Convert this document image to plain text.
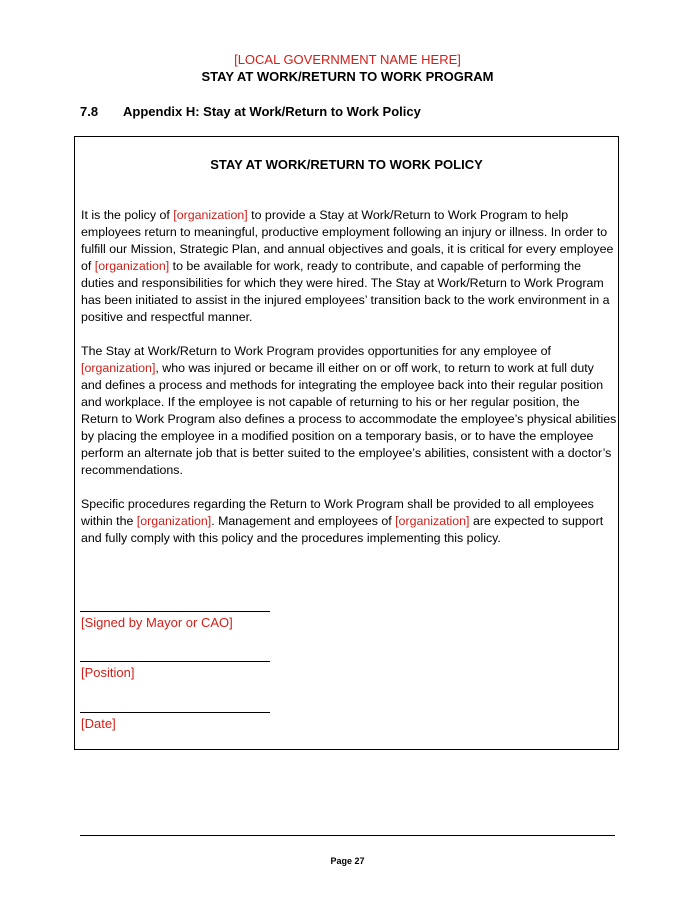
[LOCAL GOVERNMENT NAME HERE]
STAY AT WORK/RETURN TO WORK PROGRAM
7.8 Appendix H: Stay at Work/Return to Work Policy
STAY AT WORK/RETURN TO WORK POLICY

It is the policy of [organization] to provide a Stay at Work/Return to Work Program to help employees return to meaningful, productive employment following an injury or illness. In order to fulfill our Mission, Strategic Plan, and annual objectives and goals, it is critical for every employee of [organization] to be available for work, ready to contribute, and capable of performing the duties and responsibilities for which they were hired. The Stay at Work/Return to Work Program has been initiated to assist in the injured employees’ transition back to the work environment in a positive and respectful manner.

The Stay at Work/Return to Work Program provides opportunities for any employee of [organization], who was injured or became ill either on or off work, to return to work at full duty and defines a process and methods for integrating the employee back into their regular position and workplace. If the employee is not capable of returning to his or her regular position, the Return to Work Program also defines a process to accommodate the employee’s physical abilities by placing the employee in a modified position on a temporary basis, or to have the employee perform an alternate job that is better suited to the employee’s abilities, consistent with a doctor’s recommendations.

Specific procedures regarding the Return to Work Program shall be provided to all employees within the [organization]. Management and employees of [organization] are expected to support and fully comply with this policy and the procedures implementing this policy.

[Signed by Mayor or CAO]
[Position]
[Date]
Page 27
